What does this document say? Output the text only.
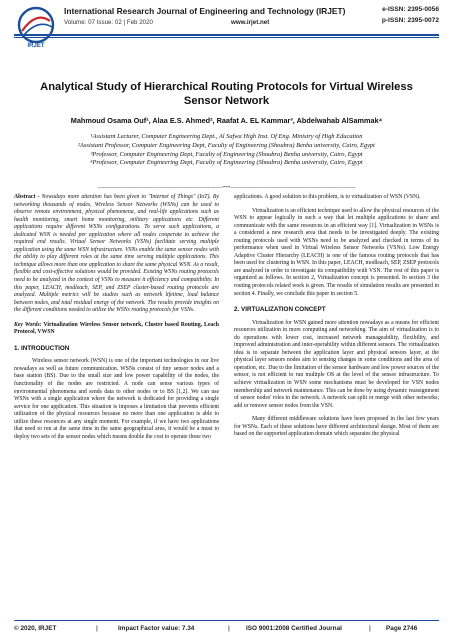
IRJET
International Research Journal of Engineering and Technology (IRJET)
Volume: 07 Issue: 02 | Feb 2020	www.irjet.net
e-ISSN: 2395-0056
p-ISSN: 2395-0072
Analytical Study of Hierarchical Routing Protocols for Virtual Wireless Sensor Network
Mahmoud Osama Ouf¹, Alaa E.S. Ahmed², Raafat A. EL Kammar³, Abdelwahab AlSammak⁴
¹Assistant Lecturer, Computer Engineering Dept., Al Safwa High Inst. Of Eng. Ministry of High Education
²Assistant Professor, Computer Engineering Dept, Faculty of Engineering (Shoubra) Benha university, Cairo, Egypt
³Professor, Computer Engineering Dept, Faculty of Engineering (Shoubra) Benha university, Cairo, Egypt
⁴Professor, Computer Engineering Dept, Faculty of Engineering (Shoubra) Benha university, Cairo, Egypt
---------------------------------------------------------------------------***---------------------------------------------------------------------------

Abstract - Nowadays more attention has been given to "Internet of Things" (IoT). By networking thousands of nodes, Wireless Sensor Networks (WSNs) can be used to observe remote environment, physical phenomena, and real-life applications such as health monitoring, smart home monitoring, military applications etc. Different applications require different WSNs configurations. To serve such applications, a dedicated WSN is needed per application where all nodes cooperate to achieve the required end results. Virtual Sensor Networks (VSNs) facilitate serving multiple application using the same WSN infrastructure. VSNs enable the same sensor nodes with the ability to play different roles at the same time serving multiple applications. This technique allows more than one application to share the same physical WSN. As a result, flexible and cost-effective solutions would be provided. Existing WSNs routing protocols need to be analyzed in the context of VSNs to measure it efficiency and compatibility. In this paper, LEACH, modleach, SEP, and ZSEP cluster-based routing protocols are analyzed. Multiple metrics will be studies such as network lifetime, load balance between nodes, and total residual energy of the network. The results provide insights on the different conditions needed to utilize the WSNs routing protocols for VSNs.

Key Words: Virtualization Wireless Sensor network, Cluster based Routing, Leach Protocol, VWSN

1. INTRODUCTION

Wireless sensor network (WSN) is one of the important technologies in our live nowadays as well as future communication. WSNs consist of tiny sensor nodes and a base station (BS). Due to the small size and low power capability of the nodes, the functionality of the nodes are restricted. A node can sense various types of environmental phenomena and sends data to other nodes or to BS [1,2]. We can use WSNs with a single application where the network is dedicated for providing a single service for one application. This situation is imposes a limitation that prevents efficient utilization of the physical resources because no more than one application is able to utilize these resources at any single moment. For example, if we have two applications that need to run at the same time in the same geographical area, it would be a must to deploy two sets of the sensor nodes which means double the cost to operate these two

applications. A good solution to this problem, is to virtualization of WSN (VSN).

Virtualization is an efficient technique used to allow the physical resources of the WSN to appear logically in such a way that let multiple applications to share and communicate with the same resources in an efficient way [1]. Virtualization in WSNs is a considered a new research area that needs to be investigated deeply. The existing routing protocols used with WSNs need to be analyzed and checked in terms of its performance when used in Virtual Wireless Sensor Networks (VSNs). Low Energy Adaptive Cluster Hierarchy (LEACH) is one of the famous routing protocols that has been used for clustering in WSN. In this paper, LEACH, modleach, SEP, ZSEP protocols are analyzed in order to investigate its compatibility with VSN. The rest of this paper is organized as follows. In section 2, Virtualization concept is presented. In section 3 the routing protocols related work is given. The results of simulation results are presented in section 4. Finally, we conclude this paper in section 5.

2. VIRTUALIZATION CONCEPT

Virtualization for WSN gained more attention nowadays as a means for efficient resources utilization in more computing and networking. The aim of virtualization is to do operations with lower cost, increased network manageability, flexibility, and improved administration and inter-operability within different sensors. The virtualization idea is to separate between the application layer and physical sensors layer, at the physical layer sensors nodes aim to sensing changes in some conditions and the area of operation, etc. Due to the limitation of the sensor hardware and low power sources of the sensor, is not efficient to run multiple OS at the level of the sensor infrastructure. To achieve virtualization in WSN some mechanisms must be developed for VSN nodes membership and network maintenance. This can be done by using dynamic reassignment of sensor nodes' roles in the network. A network can split or merge with other networks; add or remove sensor nodes from the VSN.

Many different middleware solutions have been proposed in the last few years for WSNs. Each of these solutions have different architectural design. Most of them are based on the supported application domain which separates the physical

© 2020, IRJET	|	Impact Factor value: 7.34	|	ISO 9001:2008 Certified Journal	| Page 2746
